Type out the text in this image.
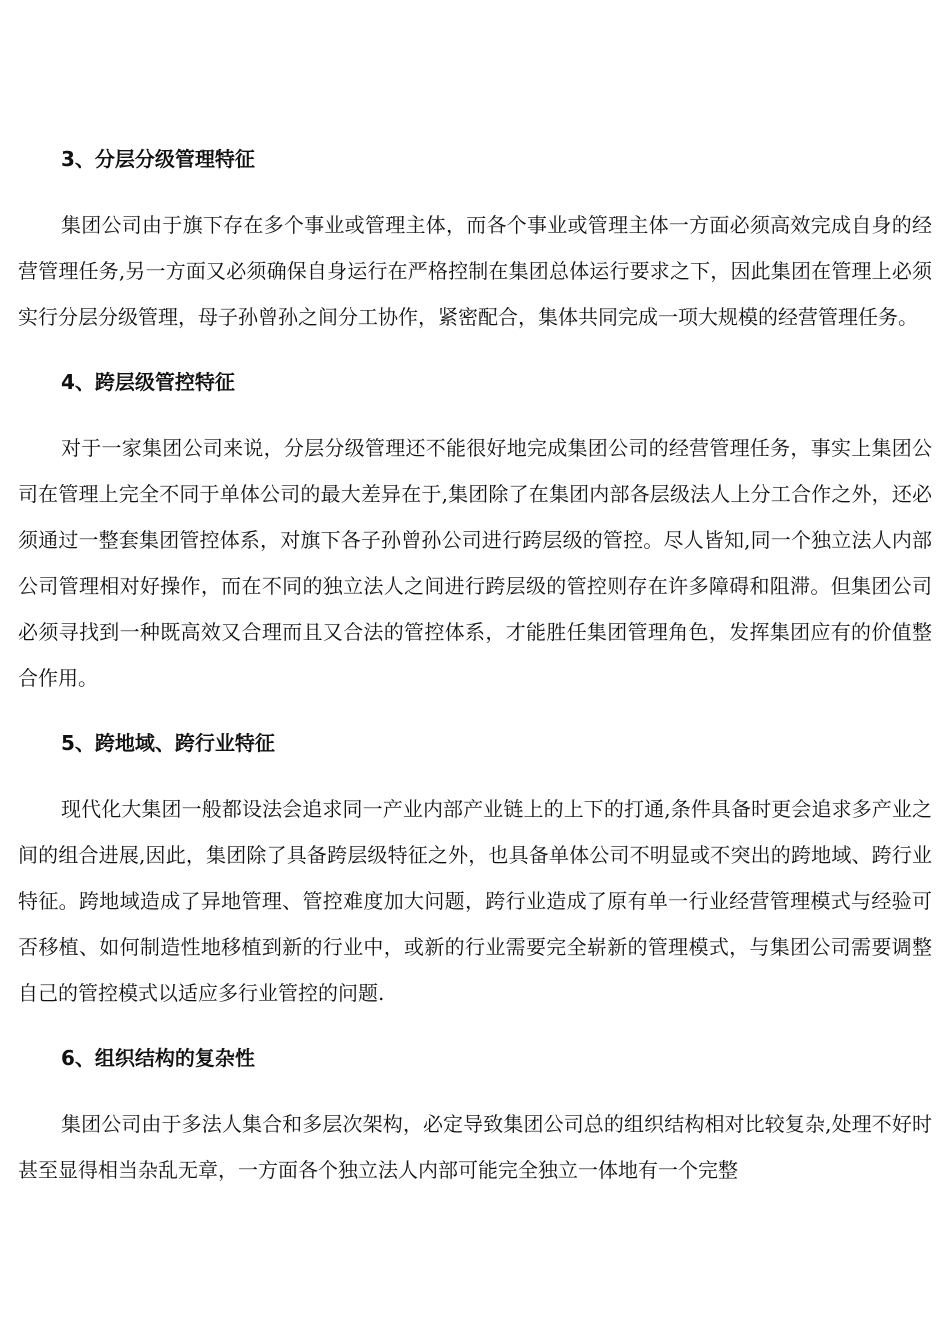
3、分层分级管理特征

集团公司由于旗下存在多个事业或管理主体，而各个事业或管理主体一方面必须高效完成自身的经营管理任务,另一方面又必须确保自身运行在严格控制在集团总体运行要求之下，因此集团在管理上必须实行分层分级管理，母子孙曾孙之间分工协作，紧密配合，集体共同完成一项大规模的经营管理任务。

4、跨层级管控特征

对于一家集团公司来说，分层分级管理还不能很好地完成集团公司的经营管理任务，事实上集团公司在管理上完全不同于单体公司的最大差异在于,集团除了在集团内部各层级法人上分工合作之外，还必须通过一整套集团管控体系，对旗下各子孙曾孙公司进行跨层级的管控。尽人皆知,同一个独立法人内部公司管理相对好操作，而在不同的独立法人之间进行跨层级的管控则存在许多障碍和阻滞。但集团公司必须寻找到一种既高效又合理而且又合法的管控体系，才能胜任集团管理角色，发挥集团应有的价值整合作用。

5、跨地域、跨行业特征

现代化大集团一般都设法会追求同一产业内部产业链上的上下的打通,条件具备时更会追求多产业之间的组合进展,因此，集团除了具备跨层级特征之外，也具备单体公司不明显或不突出的跨地域、跨行业特征。跨地域造成了异地管理、管控难度加大问题，跨行业造成了原有单一行业经营管理模式与经验可否移植、如何制造性地移植到新的行业中，或新的行业需要完全崭新的管理模式，与集团公司需要调整自己的管控模式以适应多行业管控的问题.

6、组织结构的复杂性

集团公司由于多法人集合和多层次架构，必定导致集团公司总的组织结构相对比较复杂,处理不好时甚至显得相当杂乱无章，一方面各个独立法人内部可能完全独立一体地有一个完整
